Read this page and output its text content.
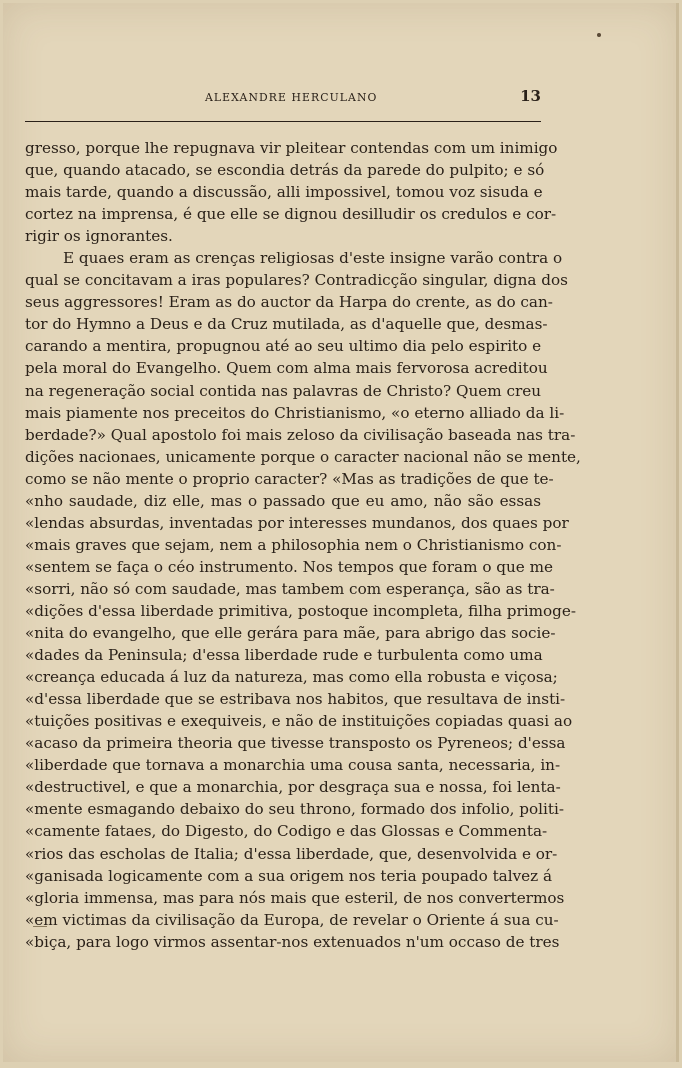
ALEXANDRE HERCULANO	13
gresso, porque lhe repugnava vir pleitear contendas com um inimigo
que, quando atacado, se escondia detrás da parede do pulpito; e só
mais tarde, quando a discussão, alli impossivel, tomou voz sisuda e
cortez na imprensa, é que elle se dignou desilludir os credulos e cor-
rigir os ignorantes.
E quaes eram as crenças religiosas d'este insigne varão contra o
qual se concitavam a iras populares? Contradicção singular, digna dos
seus aggressores! Eram as do auctor da Harpa do crente, as do can-
tor do Hymno a Deus e da Cruz mutilada, as d'aquelle que, desmas-
carando a mentira, propugnou até ao seu ultimo dia pelo espirito e
pela moral do Evangelho. Quem com alma mais fervorosa acreditou
na regeneração social contida nas palavras de Christo? Quem creu
mais piamente nos preceitos do Christianismo, «o eterno alliado da li-
berdade?» Qual apostolo foi mais zeloso da civilisação baseada nas tra-
dições nacionaes, unicamente porque o caracter nacional não se mente,
como se não mente o proprio caracter? «Mas as tradições de que te-
«nho saudade, diz elle, mas o passado que eu amo, não são essas
«lendas absurdas, inventadas por interesses mundanos, dos quaes por
«mais graves que sejam, nem a philosophia nem o Christianismo con-
«sentem se faça o céo instrumento. Nos tempos que foram o que me
«sorri, não só com saudade, mas tambem com esperança, são as tra-
«dições d'essa liberdade primitiva, postoque incompleta, filha primoge-
«nita do evangelho, que elle gerára para mãe, para abrigo das socie-
«dades da Peninsula; d'essa liberdade rude e turbulenta como uma
«creança educada á luz da natureza, mas como ella robusta e viçosa;
«d'essa liberdade que se estribava nos habitos, que resultava de insti-
«tuições positivas e exequiveis, e não de instituições copiadas quasi ao
«acaso da primeira theoria que tivesse transposto os Pyreneos; d'essa
«liberdade que tornava a monarchia uma cousa santa, necessaria, in-
«destructivel, e que a monarchia, por desgraça sua e nossa, foi lenta-
«mente esmagando debaixo do seu throno, formado dos infolio, politi-
«camente fataes, do Digesto, do Codigo e das Glossas e Commenta-
«rios das escholas de Italia; d'essa liberdade, que, desenvolvida e or-
«ganisada logicamente com a sua origem nos teria poupado talvez á
«gloria immensa, mas para nós mais que esteril, de nos convertermos
«em victimas da civilisação da Europa, de revelar o Oriente á sua cu-
«biça, para logo virmos assentar-nos extenuados n'um occaso de tres
